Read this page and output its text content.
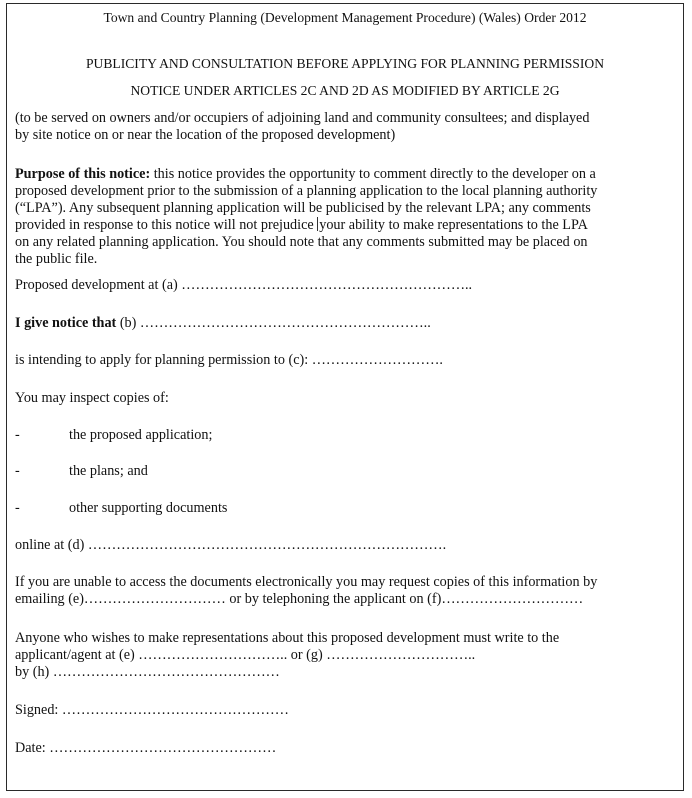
Town and Country Planning (Development Management Procedure) (Wales) Order 2012
PUBLICITY AND CONSULTATION BEFORE APPLYING FOR PLANNING PERMISSION
NOTICE UNDER ARTICLES 2C AND 2D AS MODIFIED BY ARTICLE 2G
(to be served on owners and/or occupiers of adjoining land and community consultees; and displayed
by site notice on or near the location of the proposed development)
Purpose of this notice: this notice provides the opportunity to comment directly to the developer on a
proposed development prior to the submission of a planning application to the local planning authority
(“LPA”). Any subsequent planning application will be publicised by the relevant LPA; any comments
provided in response to this notice will not prejudice your ability to make representations to the LPA
on any related planning application. You should note that any comments submitted may be placed on
the public file.
Proposed development at (a) ……………………………………………………..
I give notice that (b) ……………………………………………………..
is intending to apply for planning permission to (c): ……………………….
You may inspect copies of:
-	the proposed application;
-	the plans; and
-	other supporting documents
online at (d) ………………………………………………………………….
If you are unable to access the documents electronically you may request copies of this information by
emailing (e)………………………… or by telephoning the applicant on (f)…………………………
Anyone who wishes to make representations about this proposed development must write to the
applicant/agent at (e) ………………………….. or (g) …………………………..
by (h) …………………………………………
Signed: …………………………………………
Date: …………………………………………
